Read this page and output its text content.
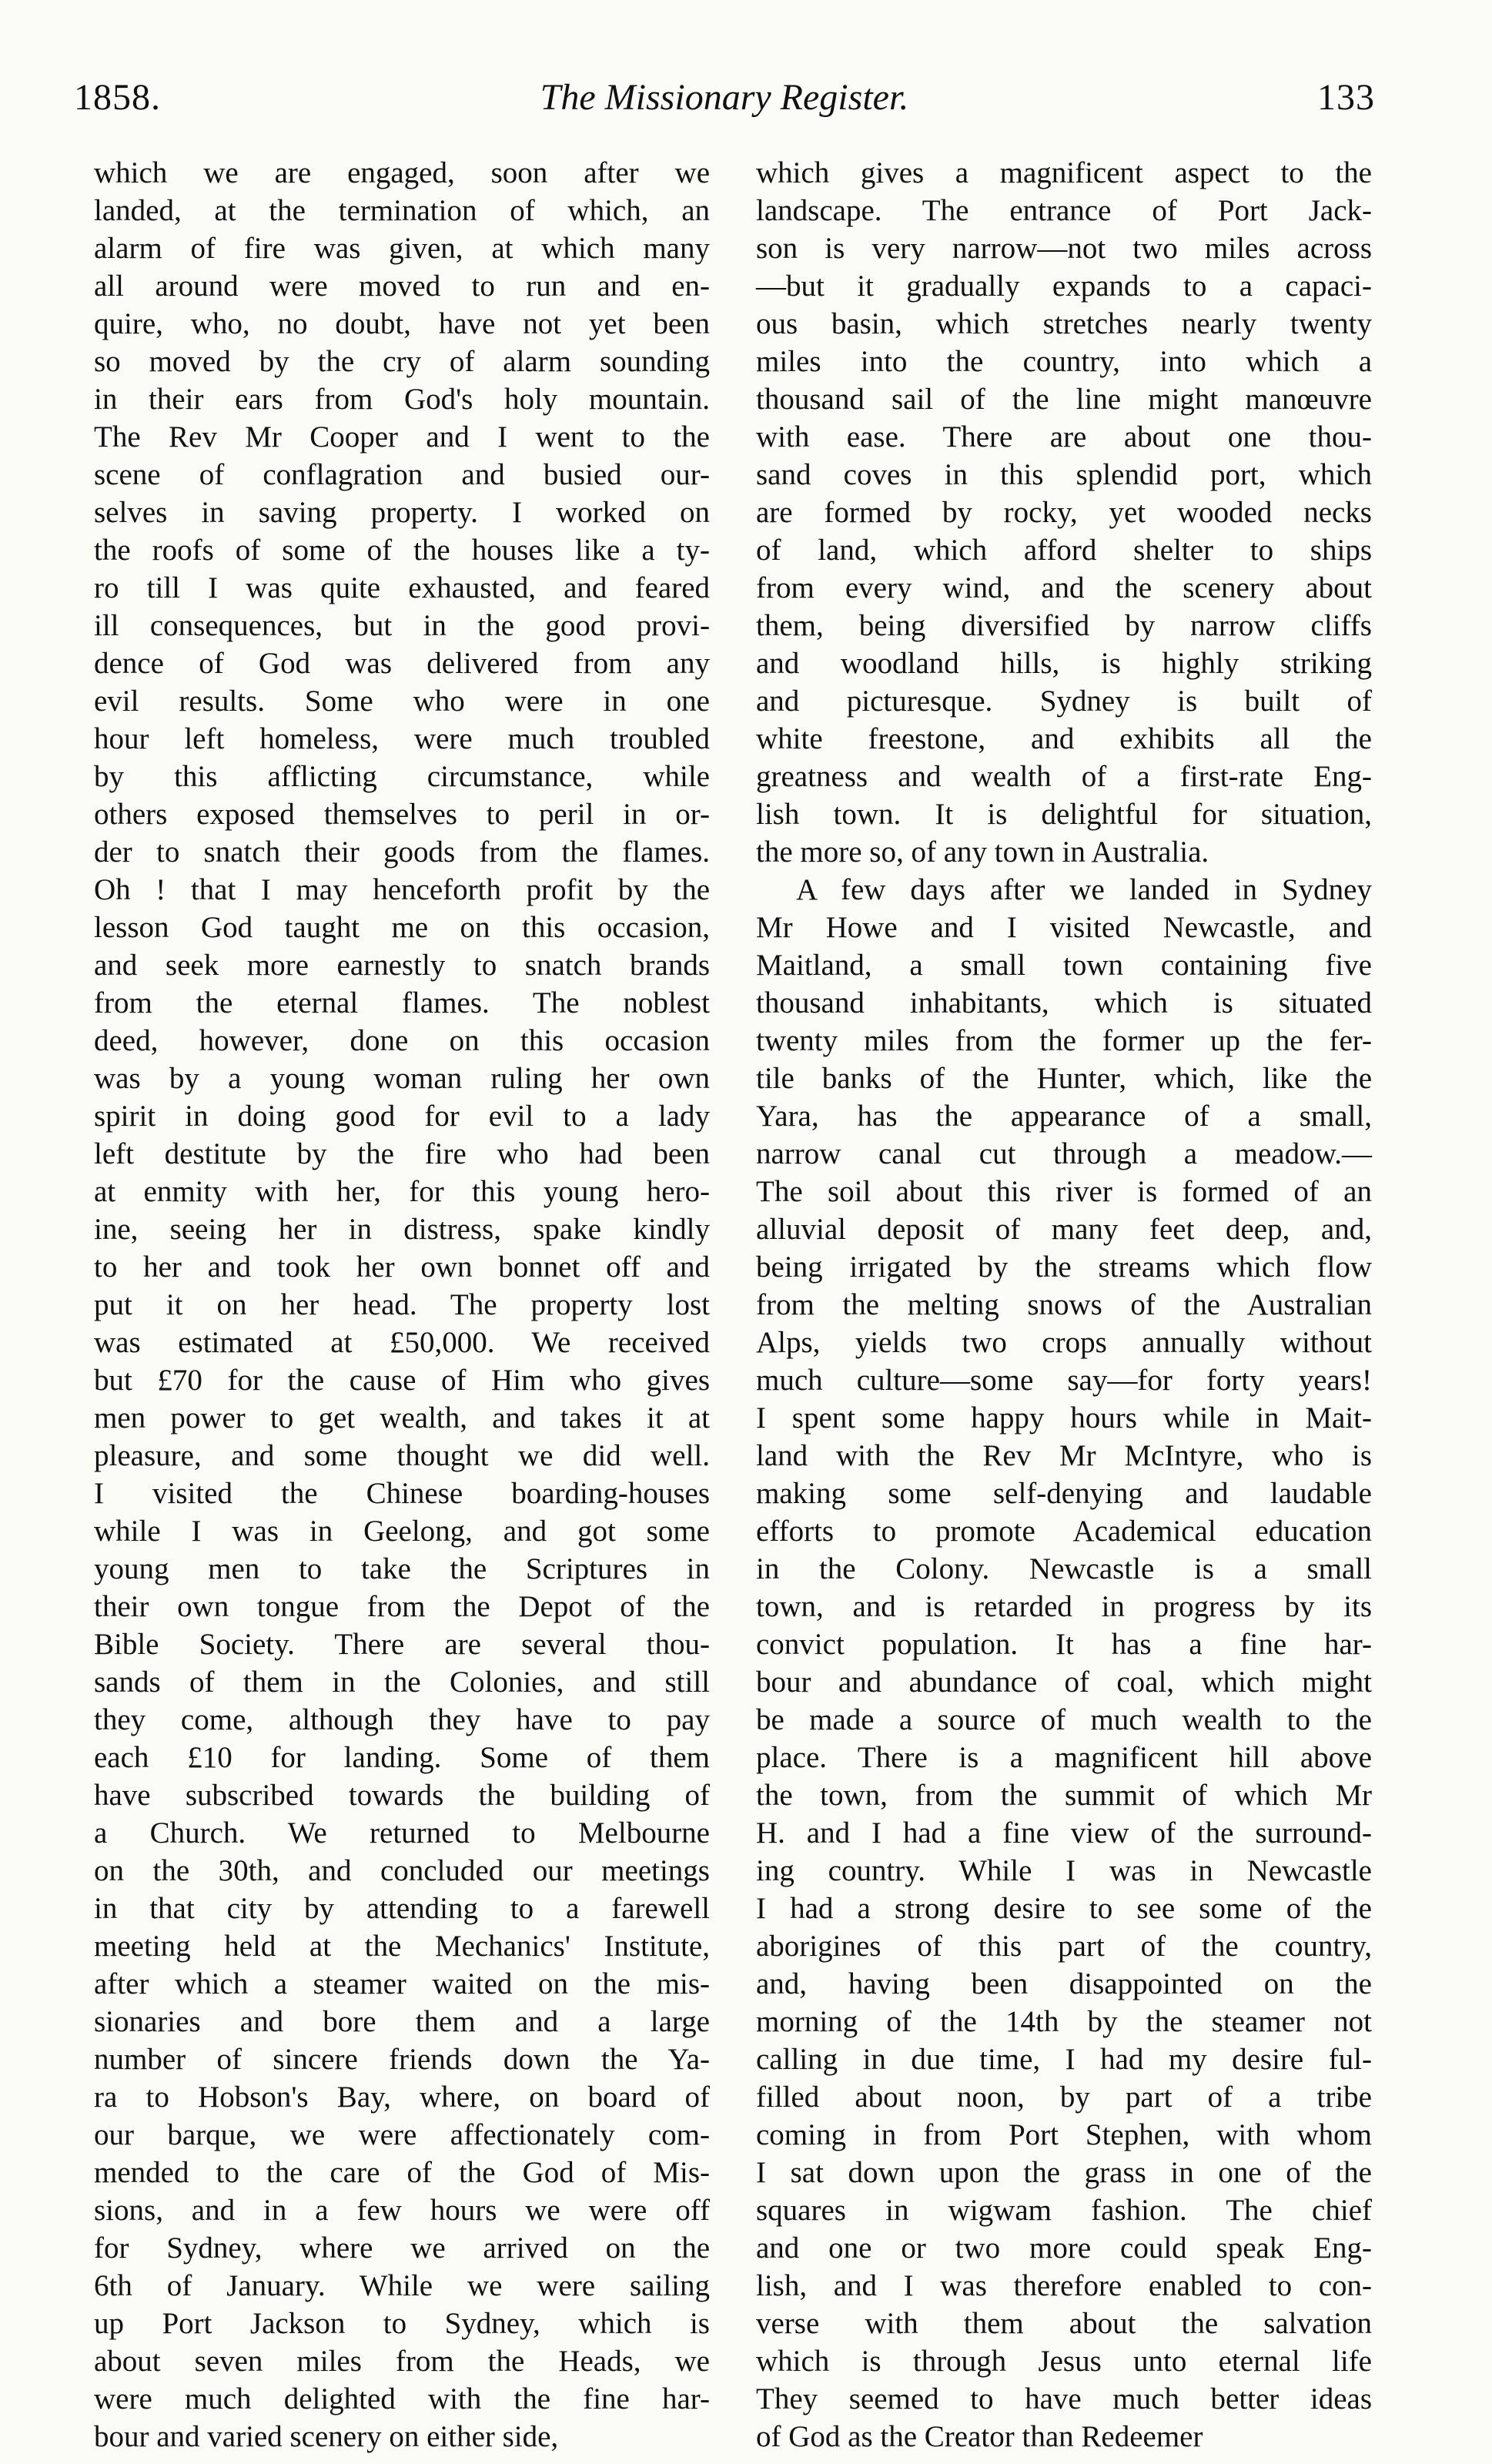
1858.	The Missionary Register.	133
which we are engaged, soon after we
landed, at the termination of which, an
alarm of fire was given, at which many
all around were moved to run and en-
quire, who, no doubt, have not yet been
so moved by the cry of alarm sounding
in their ears from God's holy mountain.
The Rev Mr Cooper and I went to the
scene of conflagration and busied our-
selves in saving property. I worked on
the roofs of some of the houses like a ty-
ro till I was quite exhausted, and feared
ill consequences, but in the good provi-
dence of God was delivered from any
evil results. Some who were in one
hour left homeless, were much troubled
by this afflicting circumstance, while
others exposed themselves to peril in or-
der to snatch their goods from the flames.
Oh ! that I may henceforth profit by the
lesson God taught me on this occasion,
and seek more earnestly to snatch brands
from the eternal flames. The noblest
deed, however, done on this occasion
was by a young woman ruling her own
spirit in doing good for evil to a lady
left destitute by the fire who had been
at enmity with her, for this young hero-
ine, seeing her in distress, spake kindly
to her and took her own bonnet off and
put it on her head. The property lost
was estimated at £50,000. We received
but £70 for the cause of Him who gives
men power to get wealth, and takes it at
pleasure, and some thought we did well.
I visited the Chinese boarding-houses
while I was in Geelong, and got some
young men to take the Scriptures in
their own tongue from the Depot of the
Bible Society. There are several thou-
sands of them in the Colonies, and still
they come, although they have to pay
each £10 for landing. Some of them
have subscribed towards the building of
a Church. We returned to Melbourne
on the 30th, and concluded our meetings
in that city by attending to a farewell
meeting held at the Mechanics' Institute,
after which a steamer waited on the mis-
sionaries and bore them and a large
number of sincere friends down the Ya-
ra to Hobson's Bay, where, on board of
our barque, we were affectionately com-
mended to the care of the God of Mis-
sions, and in a few hours we were off
for Sydney, where we arrived on the
6th of January. While we were sailing
up Port Jackson to Sydney, which is
about seven miles from the Heads, we
were much delighted with the fine har-
bour and varied scenery on either side,
which gives a magnificent aspect to the
landscape. The entrance of Port Jack-
son is very narrow—not two miles across
—but it gradually expands to a capaci-
ous basin, which stretches nearly twenty
miles into the country, into which a
thousand sail of the line might manœuvre
with ease. There are about one thou-
sand coves in this splendid port, which
are formed by rocky, yet wooded necks
of land, which afford shelter to ships
from every wind, and the scenery about
them, being diversified by narrow cliffs
and woodland hills, is highly striking
and picturesque. Sydney is built of
white freestone, and exhibits all the
greatness and wealth of a first-rate Eng-
lish town. It is delightful for situation,
the more so, of any town in Australia.
A few days after we landed in Sydney
Mr Howe and I visited Newcastle, and
Maitland, a small town containing five
thousand inhabitants, which is situated
twenty miles from the former up the fer-
tile banks of the Hunter, which, like the
Yara, has the appearance of a small,
narrow canal cut through a meadow.—
The soil about this river is formed of an
alluvial deposit of many feet deep, and,
being irrigated by the streams which flow
from the melting snows of the Australian
Alps, yields two crops annually without
much culture—some say—for forty years!
I spent some happy hours while in Mait-
land with the Rev Mr McIntyre, who is
making some self-denying and laudable
efforts to promote Academical education
in the Colony. Newcastle is a small
town, and is retarded in progress by its
convict population. It has a fine har-
bour and abundance of coal, which might
be made a source of much wealth to the
place. There is a magnificent hill above
the town, from the summit of which Mr
H. and I had a fine view of the surround-
ing country. While I was in Newcastle
I had a strong desire to see some of the
aborigines of this part of the country,
and, having been disappointed on the
morning of the 14th by the steamer not
calling in due time, I had my desire ful-
filled about noon, by part of a tribe
coming in from Port Stephen, with whom
I sat down upon the grass in one of the
squares in wigwam fashion. The chief
and one or two more could speak Eng-
lish, and I was therefore enabled to con-
verse with them about the salvation
which is through Jesus unto eternal life
They seemed to have much better ideas
of God as the Creator than Redeemer
